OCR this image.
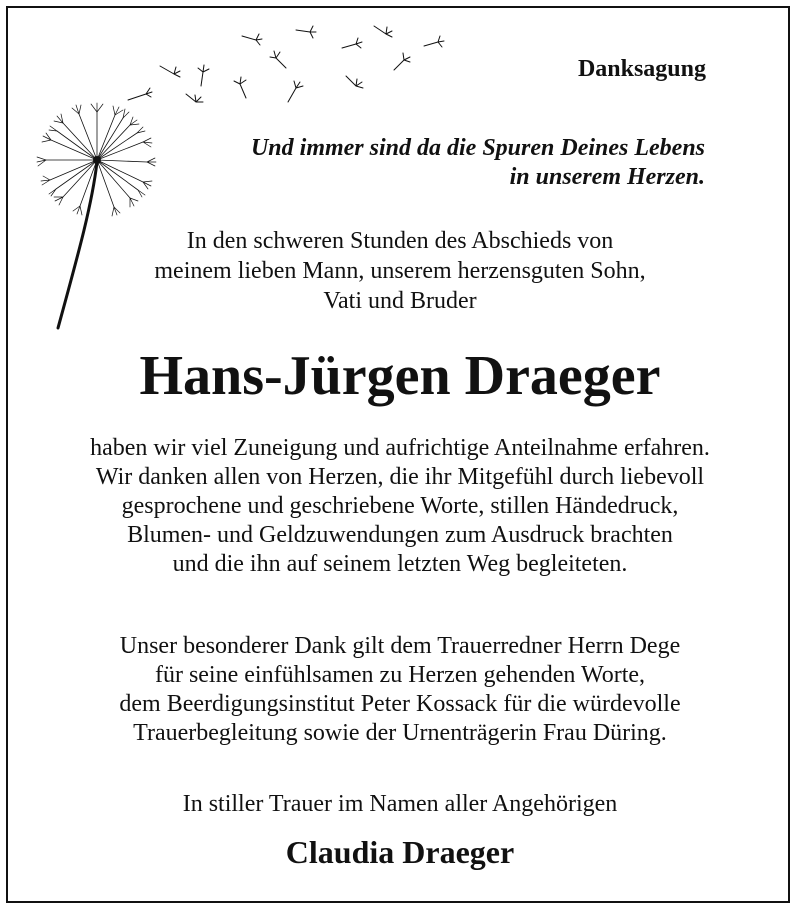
Danksagung
Und immer sind da die Spuren Deines Lebens
in unserem Herzen.
In den schweren Stunden des Abschieds von
meinem lieben Mann, unserem herzensguten Sohn,
Vati und Bruder
Hans-Jürgen Draeger
haben wir viel Zuneigung und aufrichtige Anteilnahme erfahren.
Wir danken allen von Herzen, die ihr Mitgefühl durch liebevoll
gesprochene und geschriebene Worte, stillen Händedruck,
Blumen- und Geldzuwendungen zum Ausdruck brachten
und die ihn auf seinem letzten Weg begleiteten.
Unser besonderer Dank gilt dem Trauerredner Herrn Dege
für seine einfühlsamen zu Herzen gehenden Worte,
dem Beerdigungsinstitut Peter Kossack für die würdevolle
Trauerbegleitung sowie der Urnenträgerin Frau Düring.
In stiller Trauer im Namen aller Angehörigen
Claudia Draeger
